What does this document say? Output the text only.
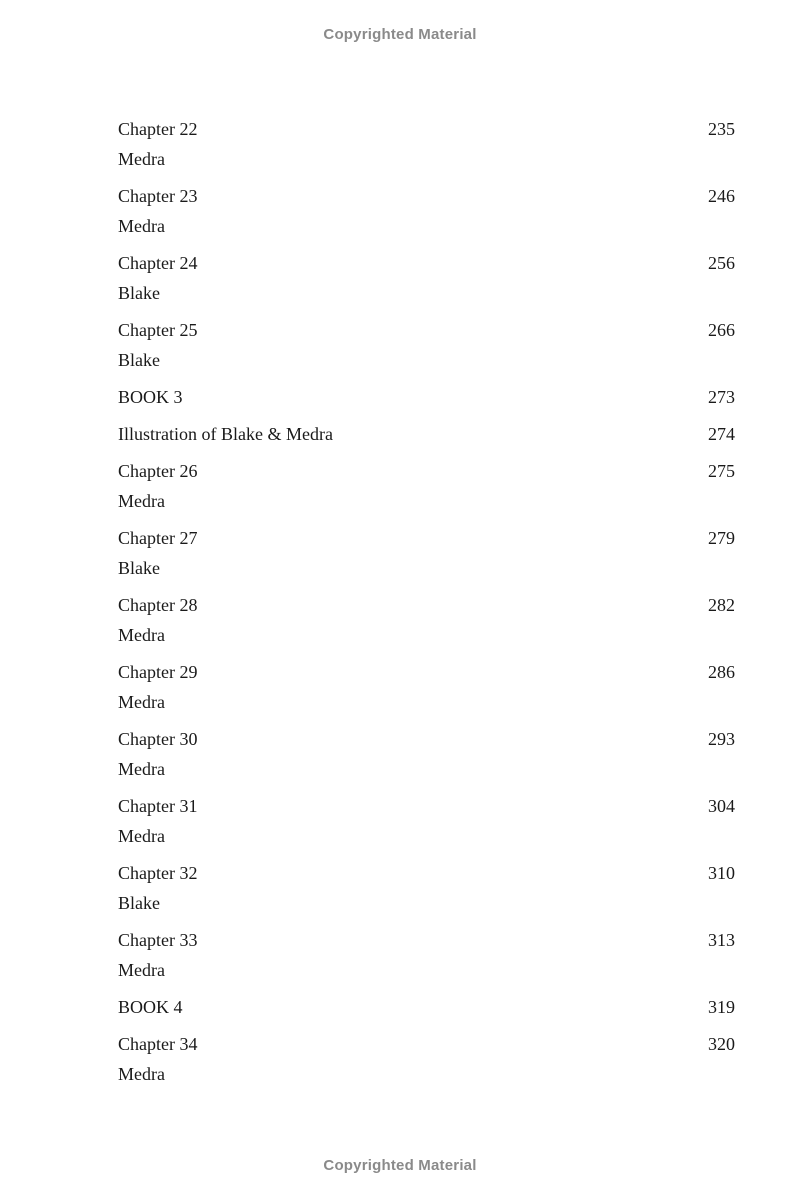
Copyrighted Material
Chapter 22	235
Medra
Chapter 23	246
Medra
Chapter 24	256
Blake
Chapter 25	266
Blake
BOOK 3	273
Illustration of Blake & Medra	274
Chapter 26	275
Medra
Chapter 27	279
Blake
Chapter 28	282
Medra
Chapter 29	286
Medra
Chapter 30	293
Medra
Chapter 31	304
Medra
Chapter 32	310
Blake
Chapter 33	313
Medra
BOOK 4	319
Chapter 34	320
Medra
Copyrighted Material
